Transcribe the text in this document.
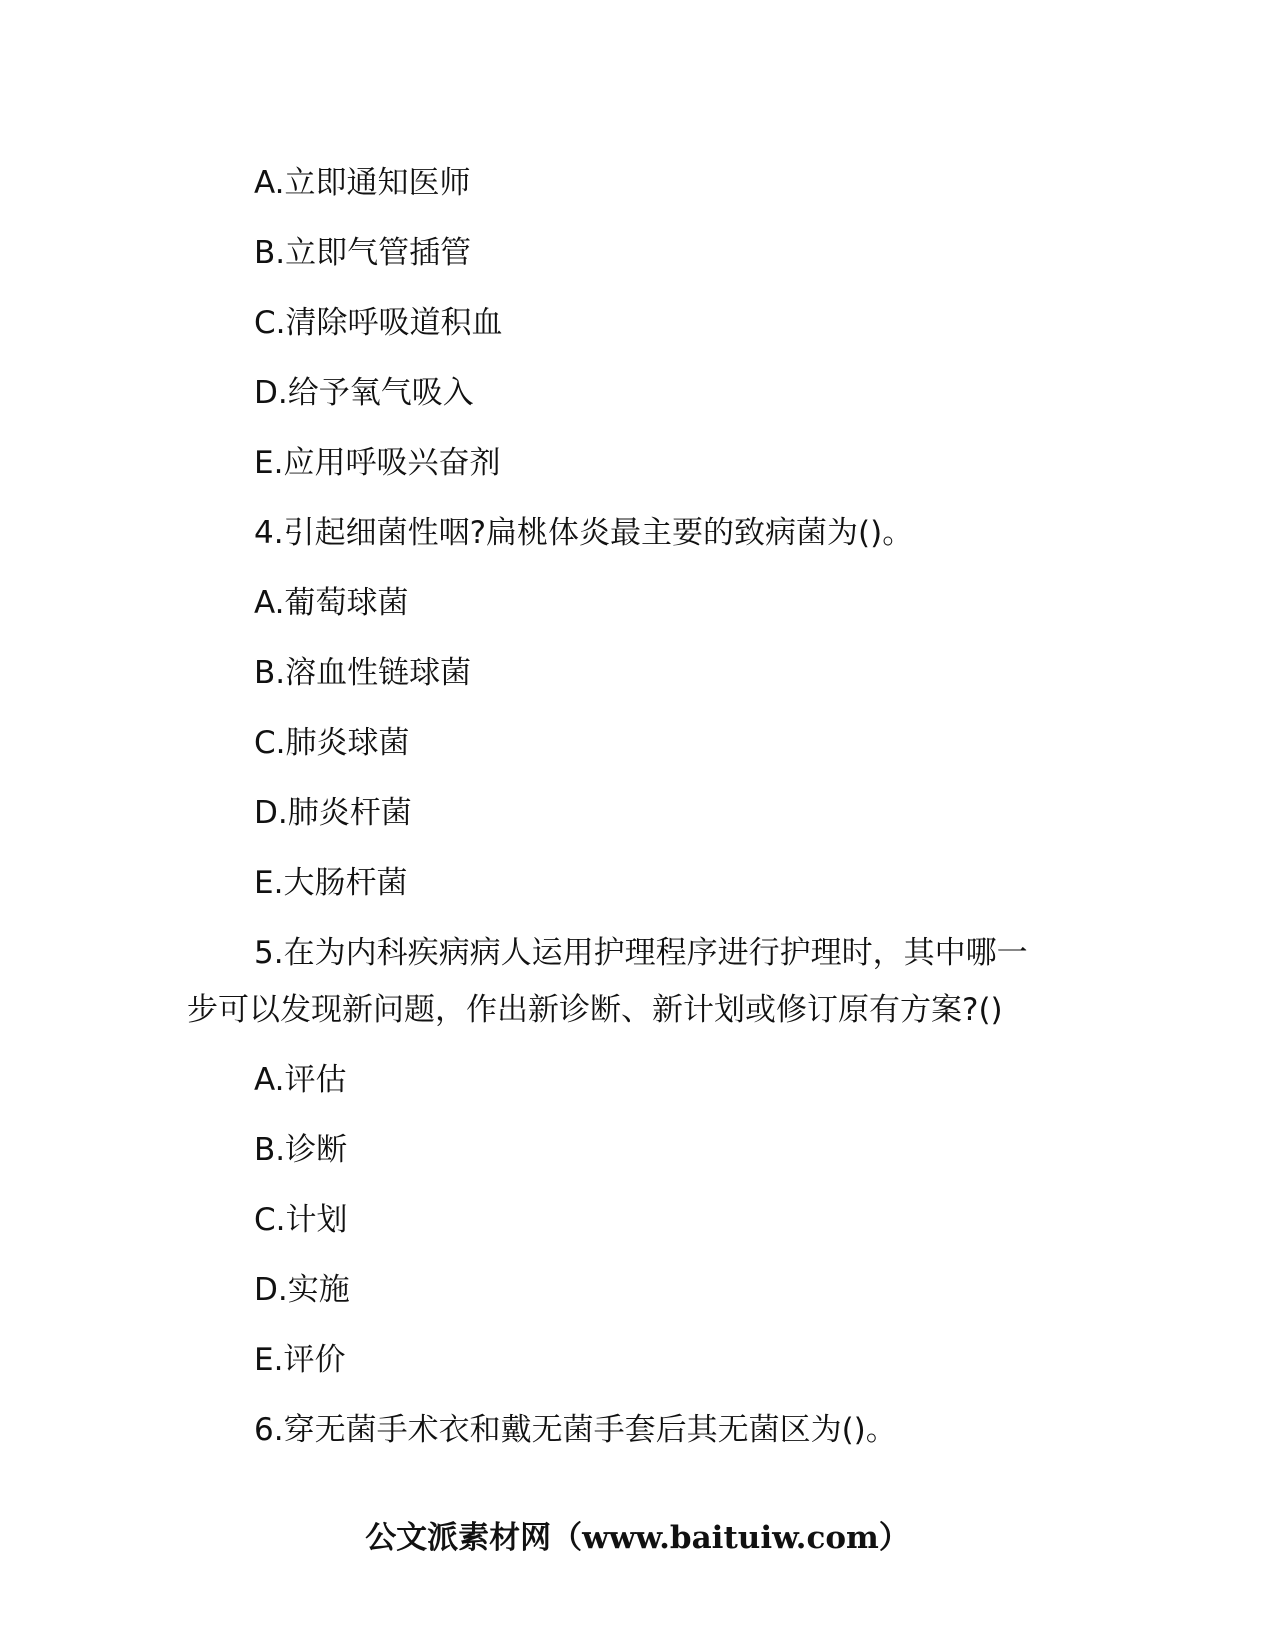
A.立即通知医师
B.立即气管插管
C.清除呼吸道积血
D.给予氧气吸入
E.应用呼吸兴奋剂
4.引起细菌性咽?扁桃体炎最主要的致病菌为()。
A.葡萄球菌
B.溶血性链球菌
C.肺炎球菌
D.肺炎杆菌
E.大肠杆菌
5.在为内科疾病病人运用护理程序进行护理时，其中哪一
步可以发现新问题，作出新诊断、新计划或修订原有方案?()
A.评估
B.诊断
C.计划
D.实施
E.评价
6.穿无菌手术衣和戴无菌手套后其无菌区为()。
公文派素材网（www.baituiw.com）
